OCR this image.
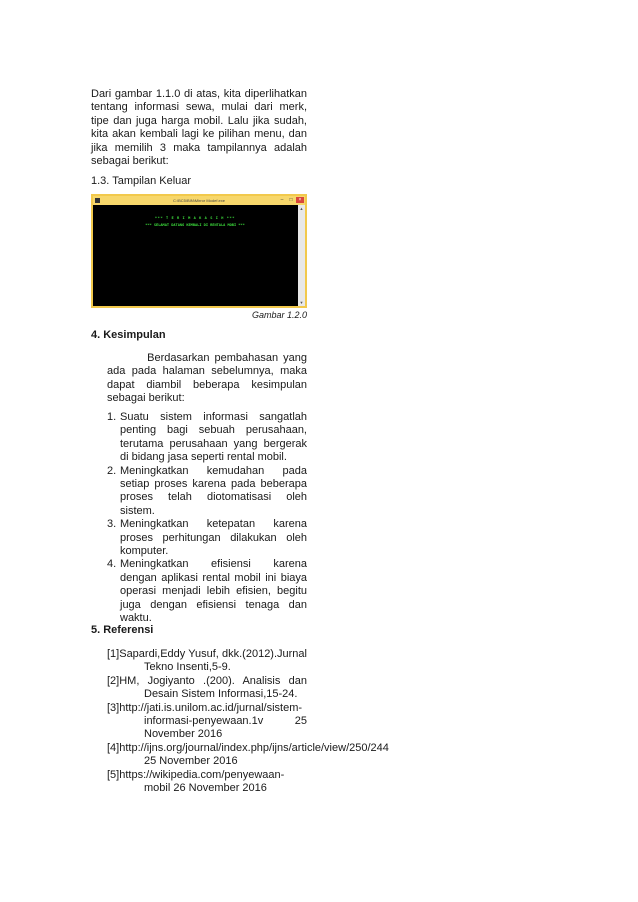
Dari gambar 1.1.0 di atas, kita diperlihatkan tentang informasi sewa, mulai dari merk, tipe dan juga harga mobil. Lalu jika sudah, kita akan kembali lagi ke pilihan menu, dan jika memilih 3 maka tampilannya adalah sebagai berikut:

1.3. Tampilan Keluar
C:\BC5\BIN\Mirror Modef.exe	–	□	×
*** T E R I M A K A S I H ***
*** SELAMAT DATANG KEMBALI DI RENTALA MOBI ***
▲
▼
Gambar 1.2.0
4. Kesimpulan

Berdasarkan pembahasan yang ada pada halaman sebelumnya, maka dapat diambil beberapa kesimpulan sebagai berikut:

1. Suatu sistem informasi sangatlah penting bagi sebuah perusahaan, terutama perusahaan yang bergerak di bidang jasa seperti rental mobil.
2. Meningkatkan kemudahan pada setiap proses karena pada beberapa proses telah diotomatisasi oleh sistem.
3. Meningkatkan ketepatan karena proses perhitungan dilakukan oleh komputer.
4. Meningkatkan efisiensi karena dengan aplikasi rental mobil ini biaya operasi menjadi lebih efisien, begitu juga dengan efisiensi tenaga dan waktu.
5. Referensi
[1]Sapardi,Eddy Yusuf, dkk.(2012).Jurnal Tekno Insenti,5-9.
[2]HM, Jogiyanto .(200). Analisis dan Desain Sistem Informasi,15-24.
[3]http://jati.is.unilom.ac.id/jurnal/sistem-informasi-penyewaan.1v 25 November 2016
[4]http://ijns.org/journal/index.php/ijns/article/view/250/244 25 November 2016
[5]https://wikipedia.com/penyewaan-mobil 26 November 2016
